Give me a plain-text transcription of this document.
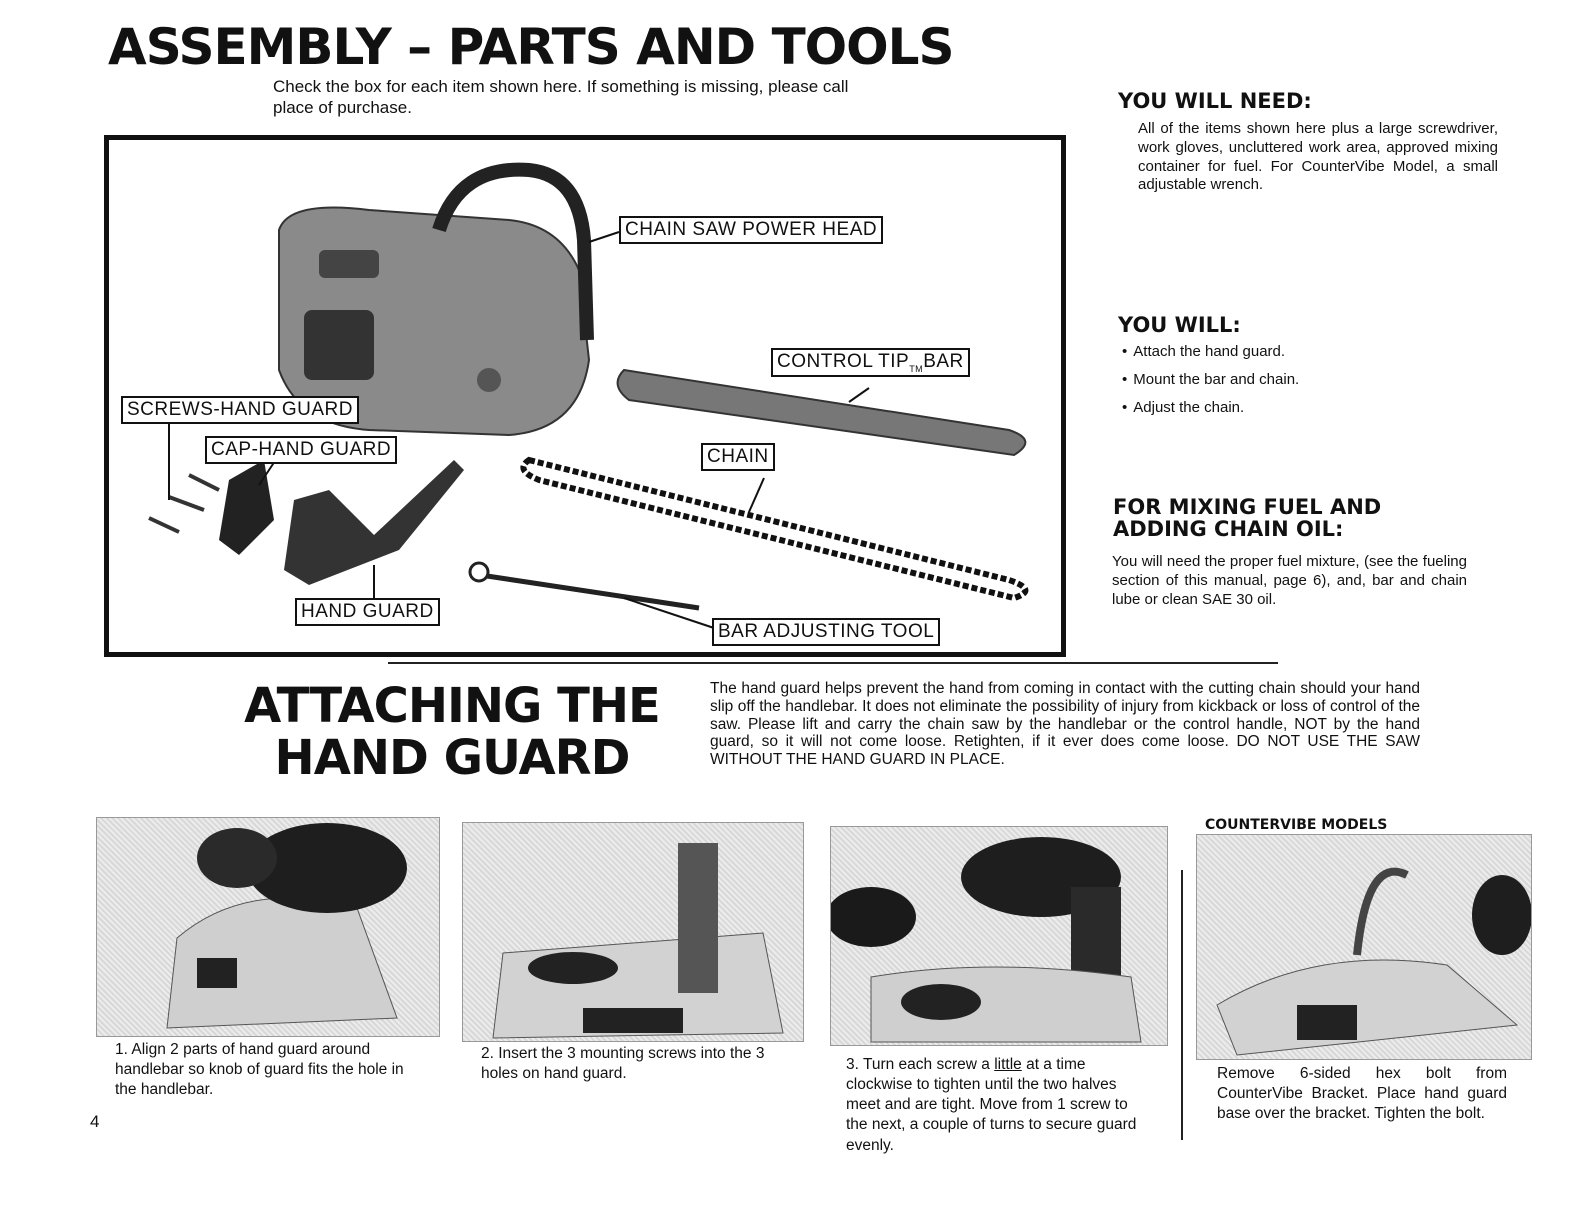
ASSEMBLY – PARTS AND TOOLS
Check the box for each item shown here. If something is missing, please call place of purchase.
CHAIN SAW POWER HEAD
CONTROL $TIP_{TM}BAR$
SCREWS-HAND GUARD
CAP-HAND GUARD	CHAIN
HAND GUARD
BAR ADJUSTING TOOL
YOU WILL NEED:
All of the items shown here plus a large screwdriver, work gloves, uncluttered work area, approved mixing container for fuel. For CounterVibe Model, a small adjustable wrench.
YOU WILL:
• Attach the hand guard.
• Mount the bar and chain.
• Adjust the chain.
FOR MIXING FUEL AND
ADDING CHAIN OIL:
You will need the proper fuel mixture, (see the fueling section of this manual, page 6), and, bar and chain lube or clean SAE 30 oil.
ATTACHING THE
HAND GUARD
The hand guard helps prevent the hand from coming in contact with the cutting chain should your hand slip off the handlebar. It does not eliminate the possibility of injury from kickback or loss of control of the saw. Please lift and carry the chain saw by the handlebar or the control handle, NOT by the hand guard, so it will not come loose. Retighten, if it ever does come loose. DO NOT USE THE SAW WITHOUT THE HAND GUARD IN PLACE.
COUNTERVIBE MODELS
1. Align 2 parts of hand guard around handlebar so knob of guard fits the hole in the handlebar.
2. Insert the 3 mounting screws into the 3 holes on hand guard.
3. Turn each screw a little at a time clockwise to tighten until the two halves meet and are tight. Move from 1 screw to the next, a couple of turns to secure guard evenly.
Remove 6-sided hex bolt from CounterVibe Bracket. Place hand guard base over the bracket. Tighten the bolt.
4
